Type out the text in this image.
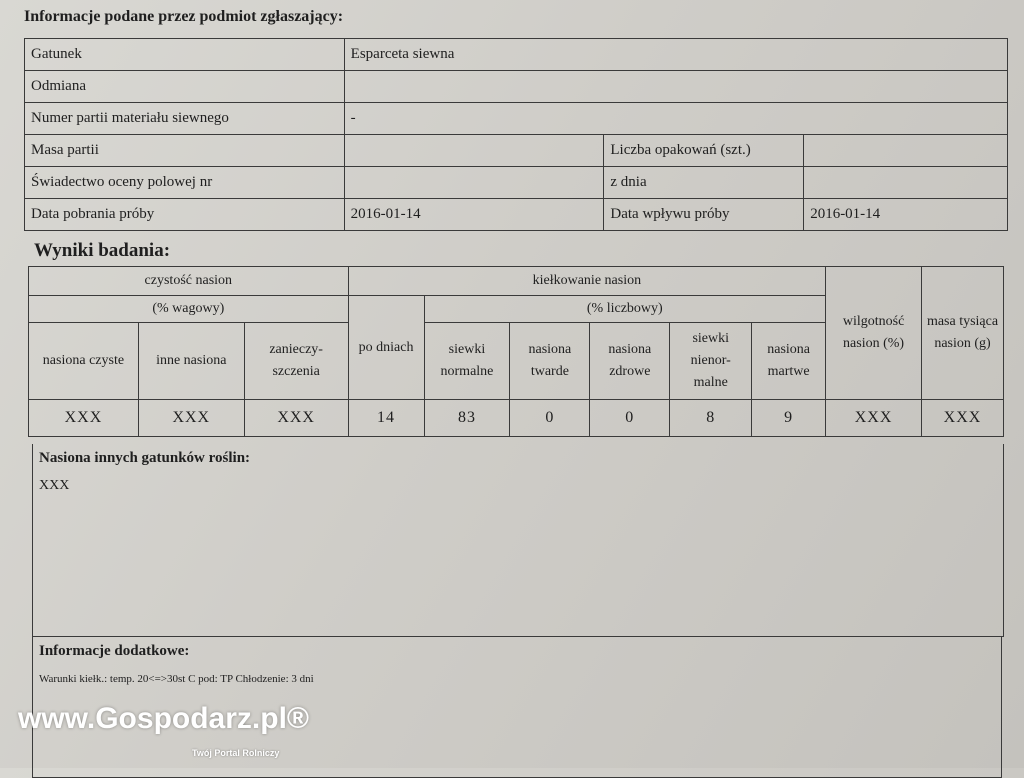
Informacje podane przez podmiot zgłaszający:
Gatunek	Esparceta siewna		
Odmiana			
Numer partii materiału siewnego	-		
Masa partii		Liczba opakowań (szt.)	
Świadectwo oceny polowej nr		z dnia	
Data pobrania próby	2016-01-14	Data wpływu próby	2016-01-14
Wyniki badania:
czystość nasion			kiełkowanie nasion						wilgotność nasion (%)	masa tysiąca nasion (g)
(% wagowy)			po dniach	(% liczbowy)						
nasiona czyste	inne nasiona	zanieczy- szczenia								
				siewki normalne	nasiona twarde	nasiona zdrowe	siewki nienor- malne	nasiona martwe		
XXX	XXX	XXX	14	83	0	0	8	9	XXX	XXX
Nasiona innych gatunków roślin:
XXX
Informacje dodatkowe:
Warunki kiełk.: temp. 20<=>30st C pod: TP Chłodzenie: 3 dni
www.Gospodarz.pl®
Twój Portal Rolniczy
